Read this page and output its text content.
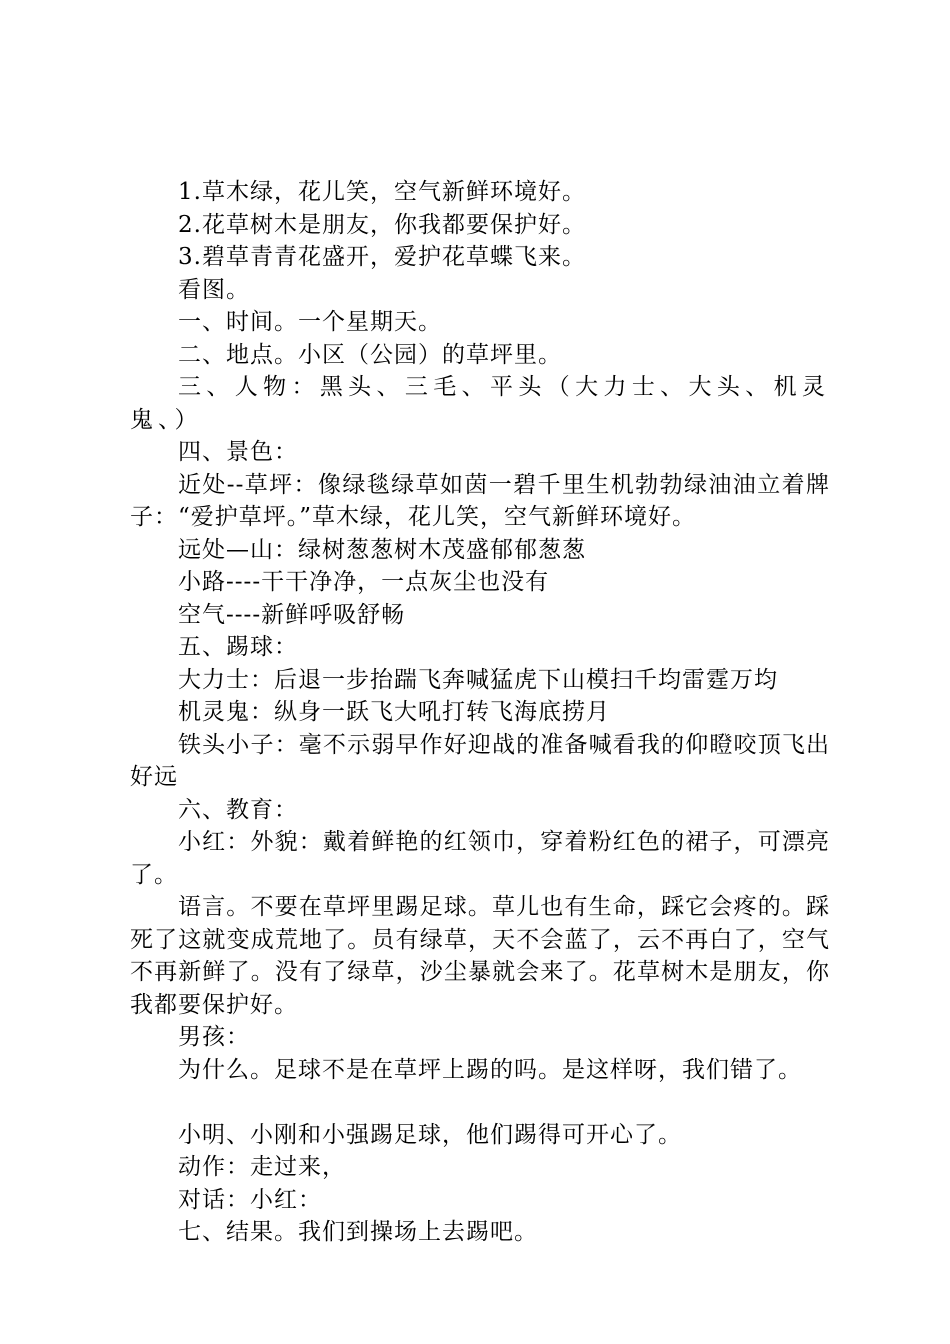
1.草木绿，花儿笑，空气新鲜环境好。

2.花草树木是朋友，你我都要保护好。

3.碧草青青花盛开，爱护花草蝶飞来。

看图。

一、时间。一个星期天。

二、地点。小区（公园）的草坪里。

三、人物：黑头、三毛、平头（大力士、大头、机灵鬼、）

四、景色：

近处--草坪：像绿毯绿草如茵一碧千里生机勃勃绿油油立着牌子：“爱护草坪。”草木绿，花儿笑，空气新鲜环境好。

远处—山：绿树葱葱树木茂盛郁郁葱葱

小路----干干净净，一点灰尘也没有

空气----新鲜呼吸舒畅

五、踢球：

大力士：后退一步抬踹飞奔喊猛虎下山模扫千均雷霆万均

机灵鬼：纵身一跃飞大吼打转飞海底捞月

铁头小子：毫不示弱早作好迎战的准备喊看我的仰瞪咬顶飞出好远

六、教育：

小红：外貌：戴着鲜艳的红领巾，穿着粉红色的裙子，可漂亮了。

语言。不要在草坪里踢足球。草儿也有生命，踩它会疼的。踩死了这就变成荒地了。员有绿草，天不会蓝了，云不再白了，空气不再新鲜了。没有了绿草，沙尘暴就会来了。花草树木是朋友，你我都要保护好。

男孩：

为什么。足球不是在草坪上踢的吗。是这样呀，我们错了。

小明、小刚和小强踢足球，他们踢得可开心了。

动作：走过来，

对话：小红：

七、结果。我们到操场上去踢吧。
